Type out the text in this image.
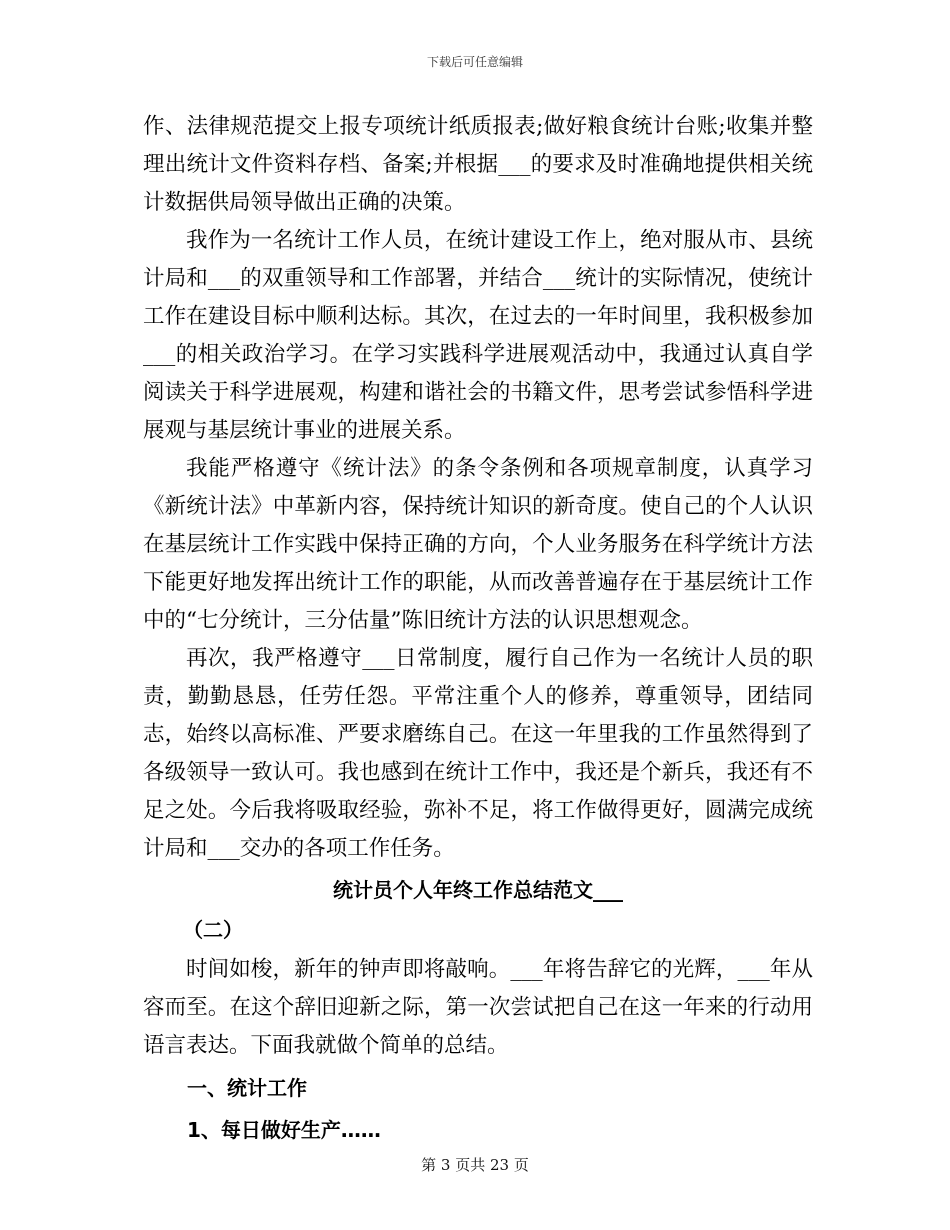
下载后可任意编辑

作、法律规范提交上报专项统计纸质报表;做好粮食统计台账;收集并整理出统计文件资料存档、备案;并根据___的要求及时准确地提供相关统计数据供局领导做出正确的决策。

我作为一名统计工作人员，在统计建设工作上，绝对服从市、县统计局和___的双重领导和工作部署，并结合___统计的实际情况，使统计工作在建设目标中顺利达标。其次，在过去的一年时间里，我积极参加___的相关政治学习。在学习实践科学进展观活动中，我通过认真自学阅读关于科学进展观，构建和谐社会的书籍文件，思考尝试参悟科学进展观与基层统计事业的进展关系。

我能严格遵守《统计法》的条令条例和各项规章制度，认真学习《新统计法》中革新内容，保持统计知识的新奇度。使自己的个人认识在基层统计工作实践中保持正确的方向，个人业务服务在科学统计方法下能更好地发挥出统计工作的职能，从而改善普遍存在于基层统计工作中的“七分统计，三分估量”陈旧统计方法的认识思想观念。

再次，我严格遵守___日常制度，履行自己作为一名统计人员的职责，勤勤恳恳，任劳任怨。平常注重个人的修养，尊重领导，团结同志，始终以高标准、严要求磨练自己。在这一年里我的工作虽然得到了各级领导一致认可。我也感到在统计工作中，我还是个新兵，我还有不足之处。今后我将吸取经验，弥补不足，将工作做得更好，圆满完成统计局和___交办的各项工作任务。

统计员个人年终工作总结范文___

（二）

时间如梭，新年的钟声即将敲响。___年将告辞它的光辉，___年从容而至。在这个辞旧迎新之际，第一次尝试把自己在这一年来的行动用语言表达。下面我就做个简单的总结。

一、统计工作

1、每日做好生产……

第 3 页共 23 页
